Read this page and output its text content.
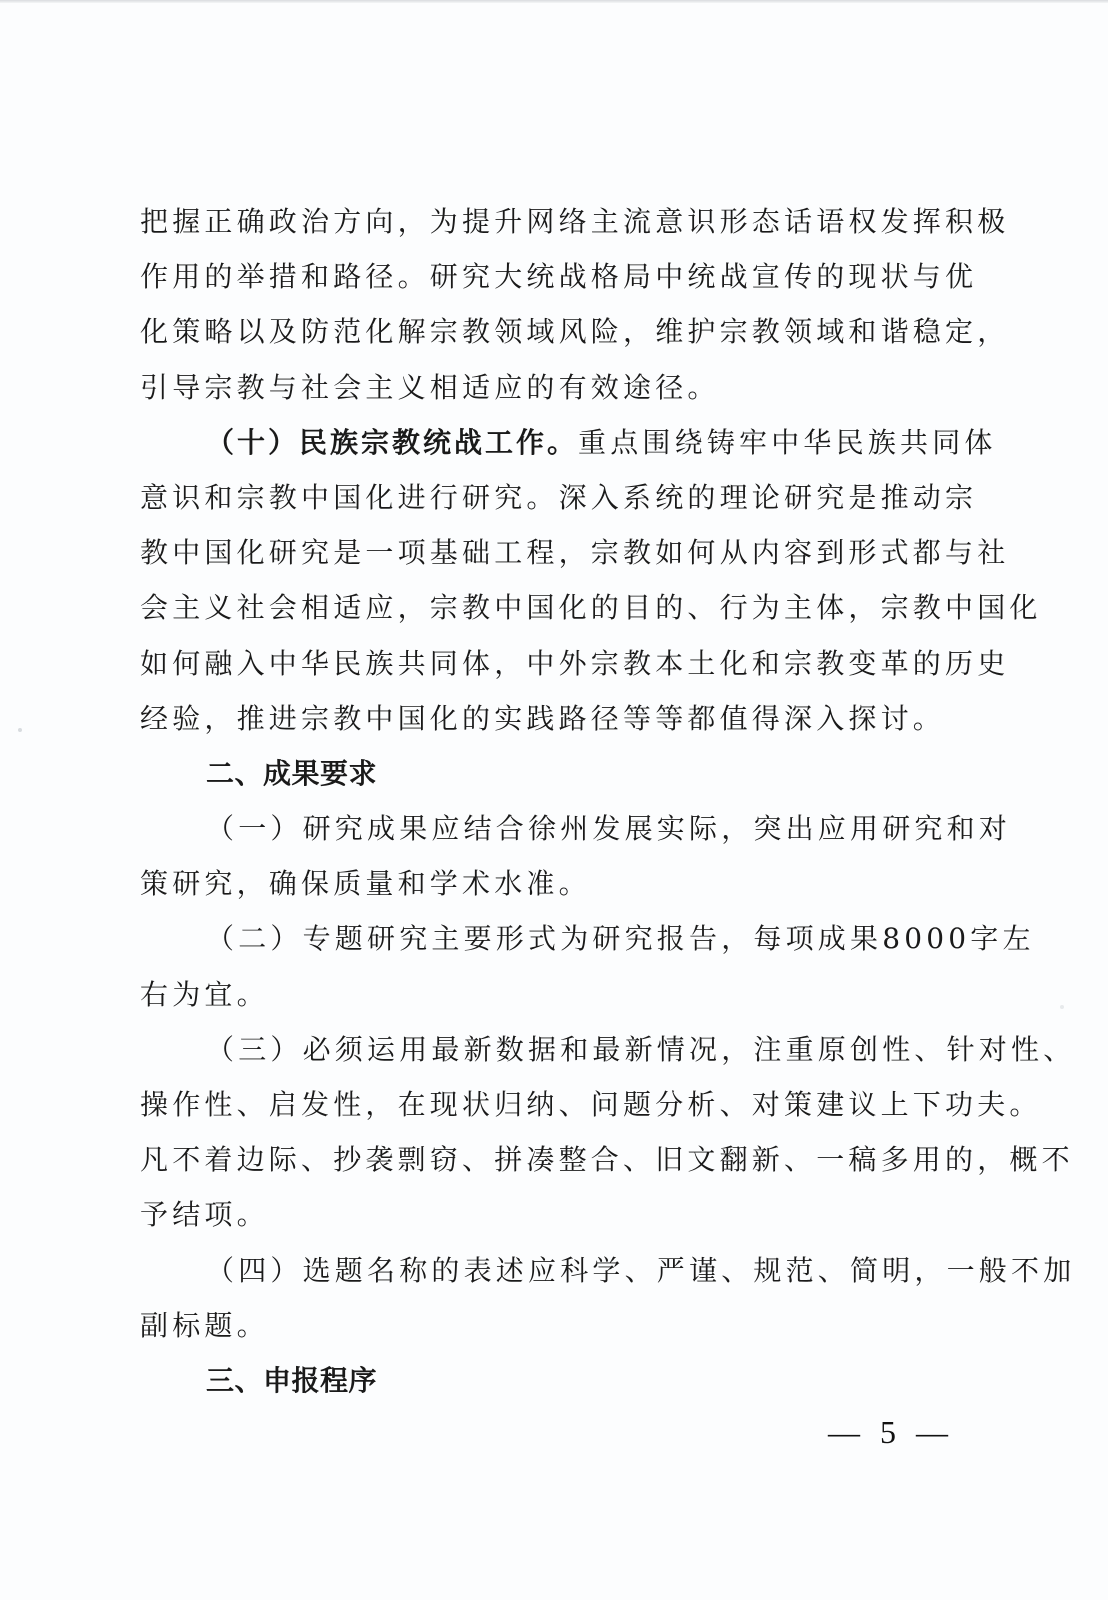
把握正确政治方向，为提升网络主流意识形态话语权发挥积极
作用的举措和路径。研究大统战格局中统战宣传的现状与优
化策略以及防范化解宗教领域风险，维护宗教领域和谐稳定，
引导宗教与社会主义相适应的有效途径。
（十）民族宗教统战工作。重点围绕铸牢中华民族共同体
意识和宗教中国化进行研究。深入系统的理论研究是推动宗
教中国化研究是一项基础工程，宗教如何从内容到形式都与社
会主义社会相适应，宗教中国化的目的、行为主体，宗教中国化
如何融入中华民族共同体，中外宗教本土化和宗教变革的历史
经验，推进宗教中国化的实践路径等等都值得深入探讨。
二、成果要求
（一）研究成果应结合徐州发展实际，突出应用研究和对
策研究，确保质量和学术水准。
（二）专题研究主要形式为研究报告，每项成果8000字左
右为宜。
（三）必须运用最新数据和最新情况，注重原创性、针对性、
操作性、启发性，在现状归纳、问题分析、对策建议上下功夫。
凡不着边际、抄袭剽窃、拼凑整合、旧文翻新、一稿多用的，概不
予结项。
（四）选题名称的表述应科学、严谨、规范、简明，一般不加
副标题。
三、申报程序
— 5 —
